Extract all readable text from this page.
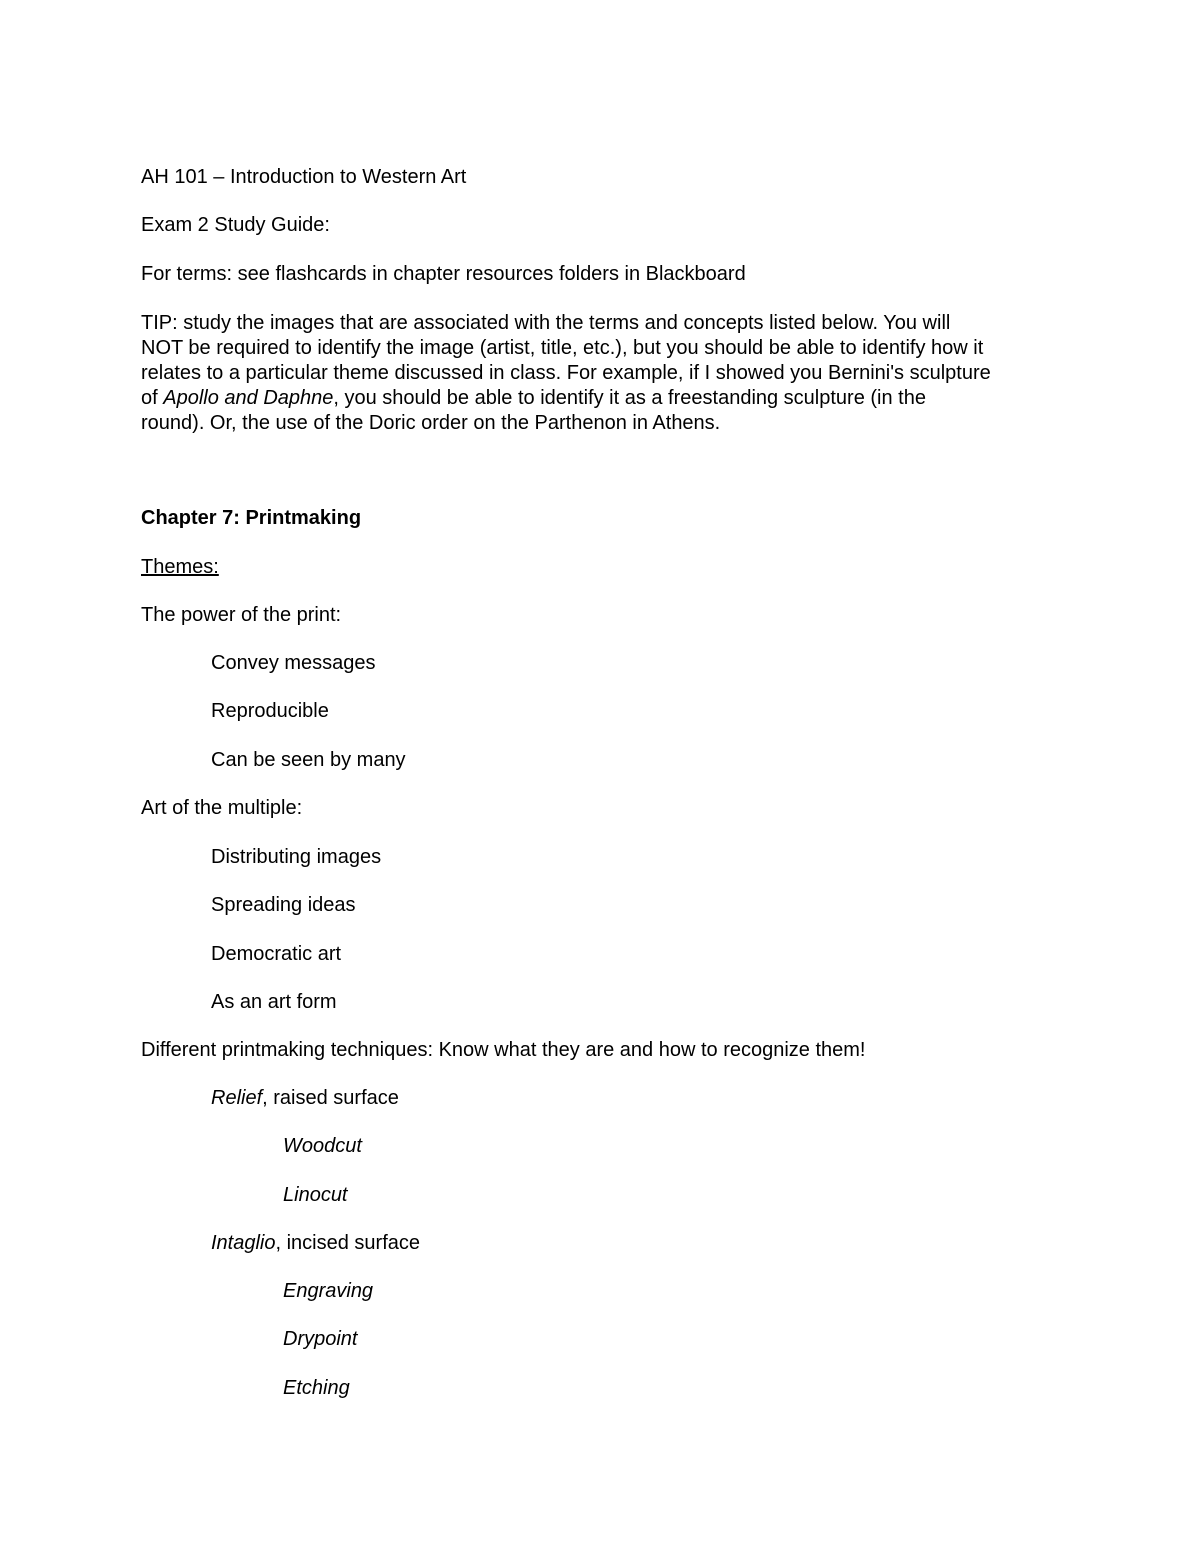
AH 101 – Introduction to Western Art
Exam 2 Study Guide:
For terms: see flashcards in chapter resources folders in Blackboard
TIP: study the images that are associated with the terms and concepts listed below. You will
NOT be required to identify the image (artist, title, etc.), but you should be able to identify how it
relates to a particular theme discussed in class. For example, if I showed you Bernini's sculpture
of Apollo and Daphne, you should be able to identify it as a freestanding sculpture (in the
round). Or, the use of the Doric order on the Parthenon in Athens.
Chapter 7: Printmaking
Themes:
The power of the print:
Convey messages
Reproducible
Can be seen by many
Art of the multiple:
Distributing images
Spreading ideas
Democratic art
As an art form
Different printmaking techniques: Know what they are and how to recognize them!
Relief, raised surface
Woodcut
Linocut
Intaglio, incised surface
Engraving
Drypoint
Etching
